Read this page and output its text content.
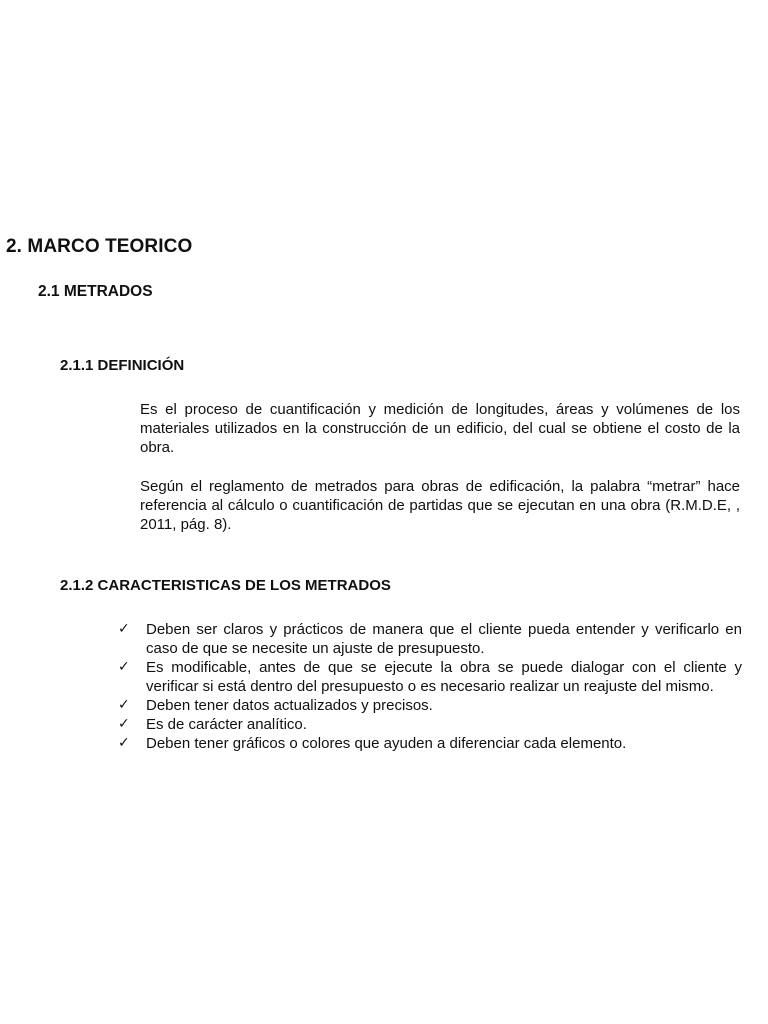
2. MARCO TEORICO
2.1 METRADOS
2.1.1 DEFINICIÓN

Es el proceso de cuantificación y medición de longitudes, áreas y volúmenes de los materiales utilizados en la construcción de un edificio, del cual se obtiene el costo de la obra.

Según el reglamento de metrados para obras de edificación, la palabra “metrar” hace referencia al cálculo o cuantificación de partidas que se ejecutan en una obra (R.M.D.E, , 2011, pág. 8).

2.1.2 CARACTERISTICAS DE LOS METRADOS
✓ Deben ser claros y prácticos de manera que el cliente pueda entender y verificarlo en caso de que se necesite un ajuste de presupuesto.
✓ Es modificable, antes de que se ejecute la obra se puede dialogar con el cliente y verificar si está dentro del presupuesto o es necesario realizar un reajuste del mismo.
✓ Deben tener datos actualizados y precisos.
✓ Es de carácter analítico.
✓ Deben tener gráficos o colores que ayuden a diferenciar cada elemento.
